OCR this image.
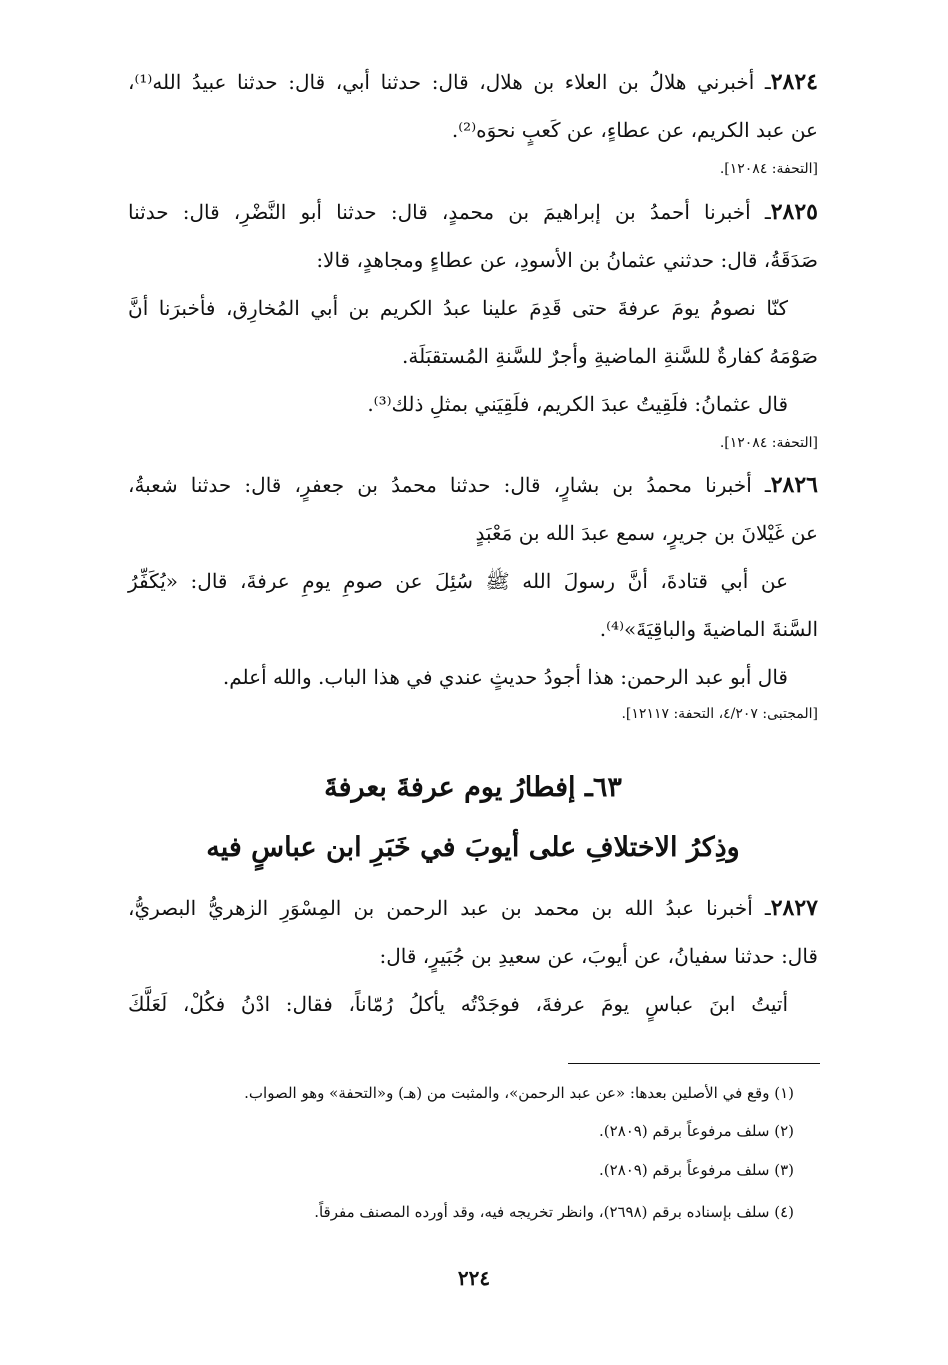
٢٨٢٤ـ أخبرني هلالُ بن العلاء بن هلال، قال: حدثنا أبي، قال: حدثنا عبيدُ الله⁽¹⁾،
عن عبد الكريم، عن عطاءٍ، عن كَعبٍ نحوَه⁽²⁾.
[التحفة: ١٢٠٨٤].
٢٨٢٥ـ أخبرنا أحمدُ بن إبراهيمَ بن محمدٍ، قال: حدثنا أبو النَّضْرِ، قال: حدثنا
صَدَقَةُ، قال: حدثني عثمانُ بن الأسودِ، عن عطاءٍ ومجاهدٍ، قالا:
كنّا نصومُ يومَ عرفةَ حتى قَدِمَ علينا عبدُ الكريم بن أبي المُخارِق، فأخبرَنا أنَّ
صَوْمَهُ كفارةٌ للسَّنةِ الماضيةِ وأجرٌ للسَّنةِ المُستقبَلَة.
قال عثمانُ: فلَقِيتُ عبدَ الكريم، فلَقِيَني بمثلِ ذلك⁽³⁾.
[التحفة: ١٢٠٨٤].
٢٨٢٦ـ أخبرنا محمدُ بن بشارٍ، قال: حدثنا محمدُ بن جعفرٍ، قال: حدثنا شعبةُ،
عن غَيْلانَ بن جريرٍ، سمع عبدَ الله بن مَعْبَدٍ
عن أبي قتادةَ، أنَّ رسولَ الله ﷺ سُئِلَ عن صومِ يومِ عرفةَ، قال: «يُكَفِّرُ
السَّنةَ الماضيةَ والباقِيَةَ»⁽⁴⁾.
قال أبو عبد الرحمن: هذا أجودُ حديثٍ عندي في هذا الباب. والله أعلم.
[المجتبى: ٤/٢٠٧، التحفة: ١٢١١٧].
٦٣ـ إفطارُ يوم عرفةَ بعرفةَ
وذِكرُ الاختلافِ على أيوبَ في خَبَرِ ابن عباسٍ فيه
٢٨٢٧ـ أخبرنا عبدُ الله بن محمد بن عبد الرحمن بن المِسْوَرِ الزهريُّ البصريُّ،
قال: حدثنا سفيانُ، عن أيوبَ، عن سعيدِ بن جُبَيرٍ، قال:
أتيتُ ابنَ عباسٍ يومَ عرفةَ، فوجَدْتُه يأكلُ رُمّاناً، فقال: ادْنُ فكُلْ، لَعَلَّكَ
(١) وقع في الأصلين بعدها: «عن عبد الرحمن»، والمثبت من (هـ) و«التحفة» وهو الصواب.
(٢) سلف مرفوعاً برقم (٢٨٠٩).
(٣) سلف مرفوعاً برقم (٢٨٠٩).
(٤) سلف بإسناده برقم (٢٦٩٨)، وانظر تخريجه فيه، وقد أورده المصنف مفرقاً.
٢٢٤
